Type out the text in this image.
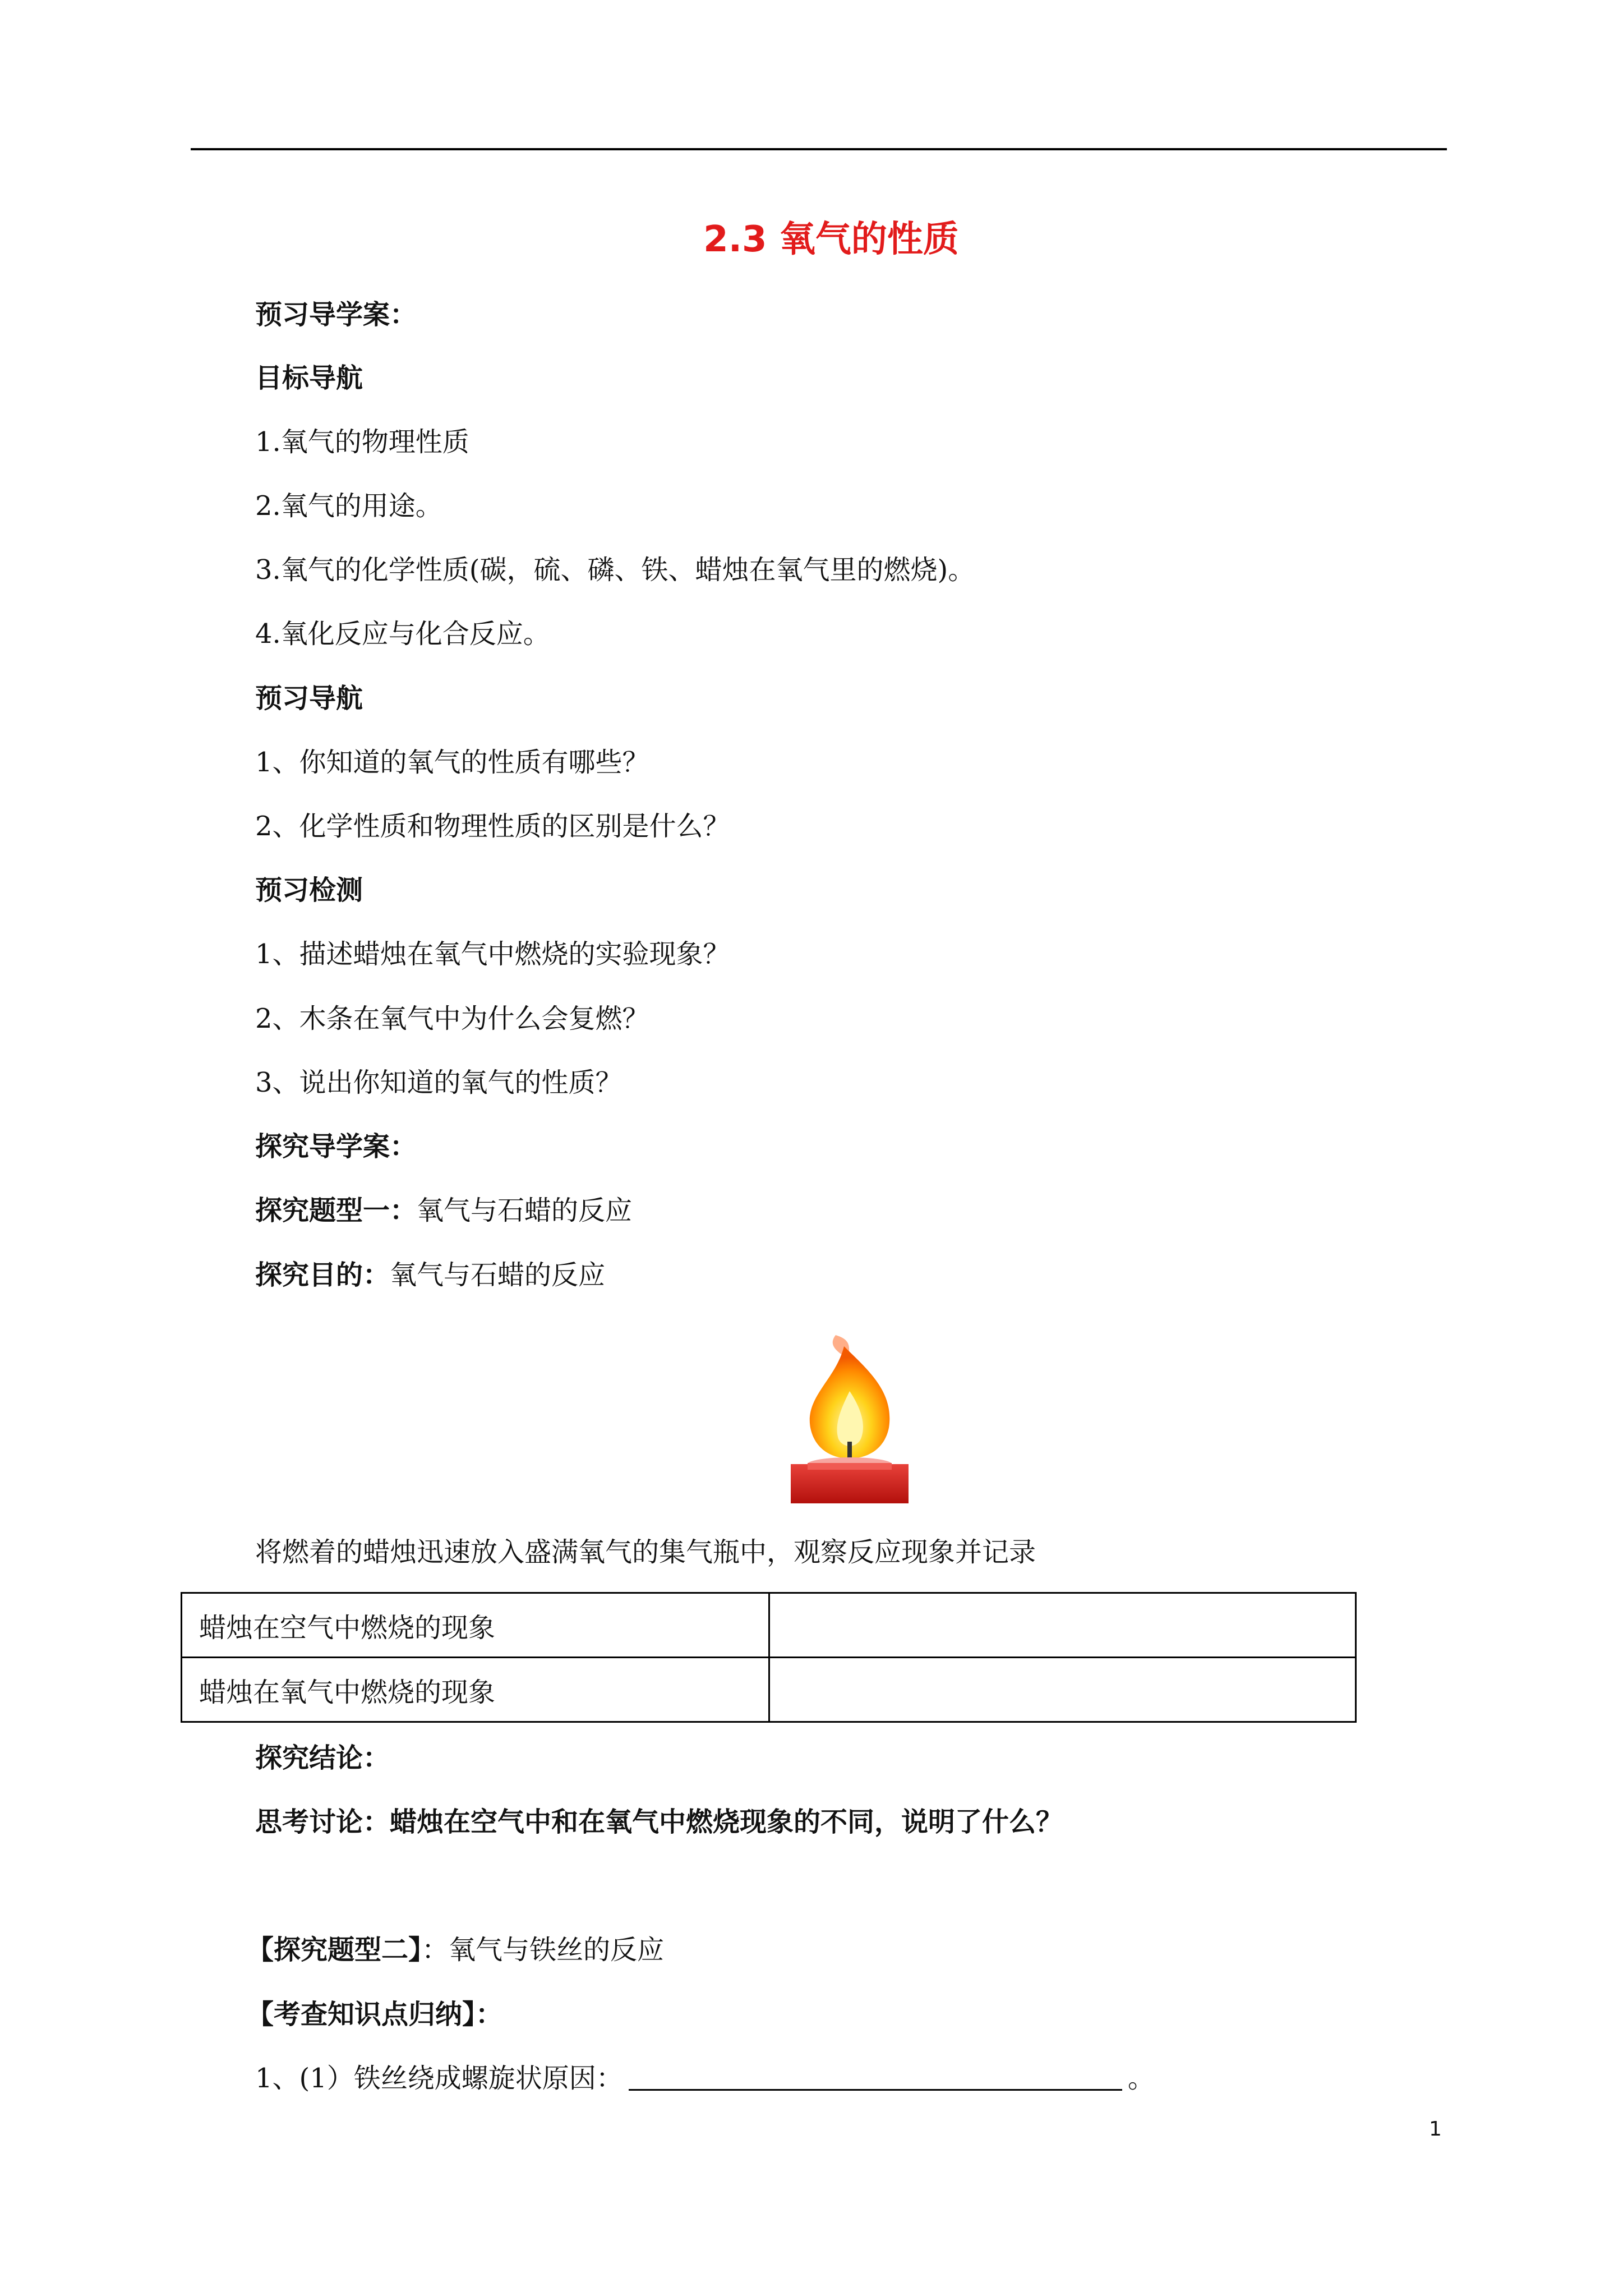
2.3 氧气的性质
预习导学案：
目标导航
1.氧气的物理性质
2.氧气的用途。
3.氧气的化学性质(碳，硫、磷、铁、蜡烛在氧气里的燃烧)。
4.氧化反应与化合反应。
预习导航
1、你知道的氧气的性质有哪些？
2、化学性质和物理性质的区别是什么？
预习检测
1、描述蜡烛在氧气中燃烧的实验现象？
2、木条在氧气中为什么会复燃？
3、说出你知道的氧气的性质？
探究导学案：
探究题型一：氧气与石蜡的反应
探究目的：氧气与石蜡的反应
将燃着的蜡烛迅速放入盛满氧气的集气瓶中，观察反应现象并记录
蜡烛在空气中燃烧的现象	
蜡烛在氧气中燃烧的现象	
探究结论：
思考讨论：蜡烛在空气中和在氧气中燃烧现象的不同，说明了什么？
【探究题型二】：氧气与铁丝的反应
【考查知识点归纳】：
1、(1）铁丝绕成螺旋状原因：	。
1
